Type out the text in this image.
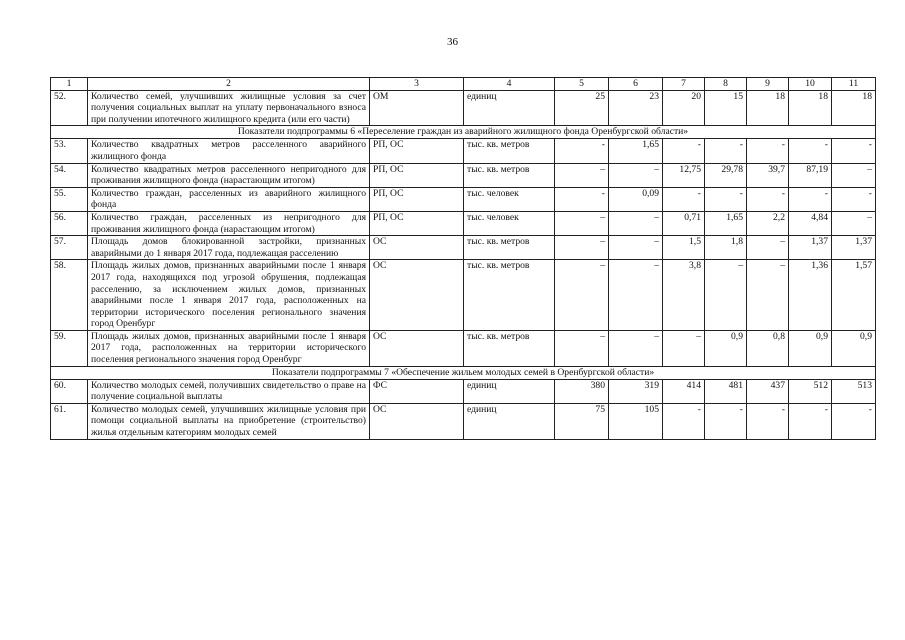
36
1	2	3	4	5	6	7	8	9	10	11
52.	Количество семей, улучшивших жилищные условия за счет получения социальных выплат на уплату первоначального взноса при получении ипотечного жилищного кредита (или его части)	ОМ	единиц	25	23	20	15	18	18	18
Показатели подпрограммы 6 «Переселение граждан из аварийного жилищного фонда Оренбургской области»										
53.	Количество квадратных метров расселенного аварийного жилищного фонда	РП, ОС	тыс. кв. метров	-	1,65	-	-	-	-	-
54.	Количество квадратных метров расселенного непригодного для проживания жилищного фонда (нарастающим итогом)	РП, ОС	тыс. кв. метров	–	–	12,75	29,78	39,7	87,19	–
55.	Количество граждан, расселенных из аварийного жилищного фонда	РП, ОС	тыс. человек	-	0,09	-	-	-	-	-
56.	Количество граждан, расселенных из непригодного для проживания жилищного фонда (нарастающим итогом)	РП, ОС	тыс. человек	–	–	0,71	1,65	2,2	4,84	–
57.	Площадь домов блокированной застройки, признанных аварийными до 1 января 2017 года, подлежащая расселению	ОС	тыс. кв. метров	–	–	1,5	1,8	–	1,37	1,37
58.	Площадь жилых домов, признанных аварийными после 1 января 2017 года, находящихся под угрозой обрушения, подлежащая расселению, за исключением жилых домов, признанных аварийными после 1 января 2017 года, расположенных на территории исторического поселения регионального значения город Оренбург	ОС	тыс. кв. метров	–	–	3,8	–	–	1,36	1,57
59.	Площадь жилых домов, признанных аварийными после 1 января 2017 года, расположенных на территории исторического поселения регионального значения город Оренбург	ОС	тыс. кв. метров	–	–	–	0,9	0,8	0,9	0,9
Показатели подпрограммы 7 «Обеспечение жильем молодых семей в Оренбургской области»										
60.	Количество молодых семей, получивших свидетельство о праве на получение социальной выплаты	ФС	единиц	380	319	414	481	437	512	513
61.	Количество молодых семей, улучшивших жилищные условия при помощи социальной выплаты на приобретение (строительство) жилья отдельным категориям молодых семей	ОС	единиц	75	105	-	-	-	-	-
